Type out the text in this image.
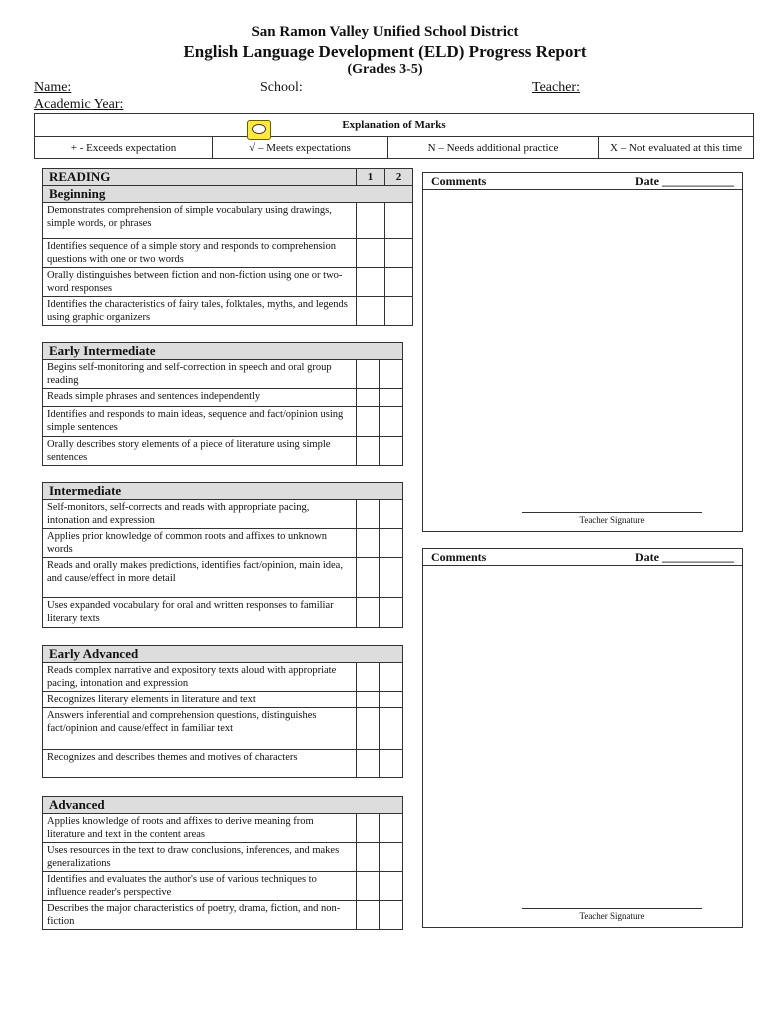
San Ramon Valley Unified School District
English Language Development (ELD) Progress Report
(Grades 3-5)
Name:	School:	Teacher:
Academic Year:
Explanation of Marks
+ - Exceeds expectation	√ – Meets expectations	N – Needs additional practice	X – Not evaluated at this time
READING	1	2
Beginning		
Demonstrates comprehension of simple vocabulary using drawings, simple words, or phrases		
Identifies sequence of a simple story and responds to comprehension questions with one or two words		
Orally distinguishes between fiction and non-fiction using one or two-word responses		
Identifies the characteristics of fairy tales, folktales, myths, and legends using graphic organizers		
Early Intermediate		
Begins self-monitoring and self-correction in speech and oral group reading		
Reads simple phrases and sentences independently		
Identifies and responds to main ideas, sequence and fact/opinion using simple sentences		
Orally describes story elements of a piece of literature using simple sentences		
Intermediate		
Self-monitors, self-corrects and reads with appropriate pacing, intonation and expression		
Applies prior knowledge of common roots and affixes to unknown words		
Reads and orally makes predictions, identifies fact/opinion, main idea, and cause/effect in more detail		
Uses expanded vocabulary for oral and written responses to familiar literary texts		
Early Advanced		
Reads complex narrative and expository texts aloud with appropriate pacing, intonation and expression		
Recognizes literary elements in literature and text		
Answers inferential and comprehension questions, distinguishes fact/opinion and cause/effect in familiar text		
Recognizes and describes themes and motives of characters		
Advanced		
Applies knowledge of roots and affixes to derive meaning from literature and text in the content areas		
Uses resources in the text to draw conclusions, inferences, and makes generalizations		
Identifies and evaluates the author's use of various techniques to influence reader's perspective		
Describes the major characteristics of poetry, drama, fiction, and non-fiction		
Comments	Date ____________
Teacher Signature
Comments	Date ____________
Teacher Signature
